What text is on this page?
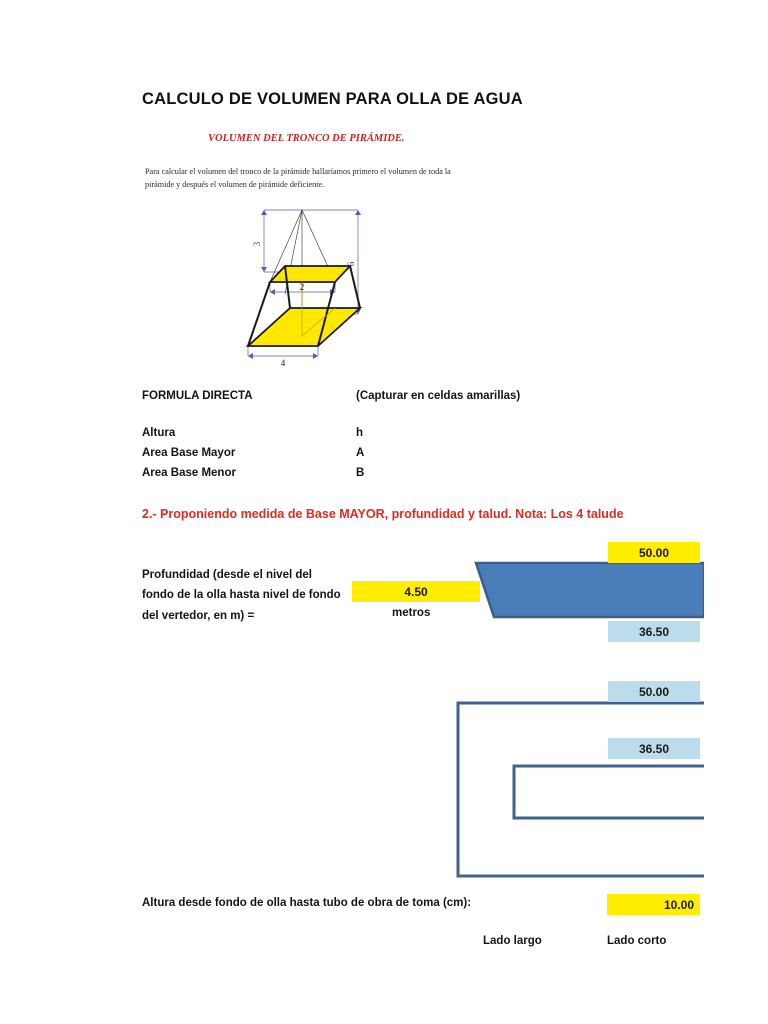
CALCULO DE VOLUMEN PARA OLLA DE AGUA
VOLUMEN DEL TRONCO DE PIRÁMIDE.
Para calcular el volumen del tronco de la pirámide hallaríamos primero el volumen de toda la pirámide y después el volumen de pirámide deficiente.
3
6
2
4
FORMULA DIRECTA	(Capturar en celdas amarillas)
Altura	h
Area Base Mayor	A
Area Base Menor	B
2.- Proponiendo medida de Base MAYOR, profundidad y talud. Nota: Los 4 talude
Profundidad (desde el nivel del fondo de la olla hasta nivel de fondo del vertedor, en m) =
4.50
metros
50.00
36.50
50.00
36.50
Altura desde fondo de olla hasta tubo de obra de toma (cm):	10.00
Lado largo	Lado corto
